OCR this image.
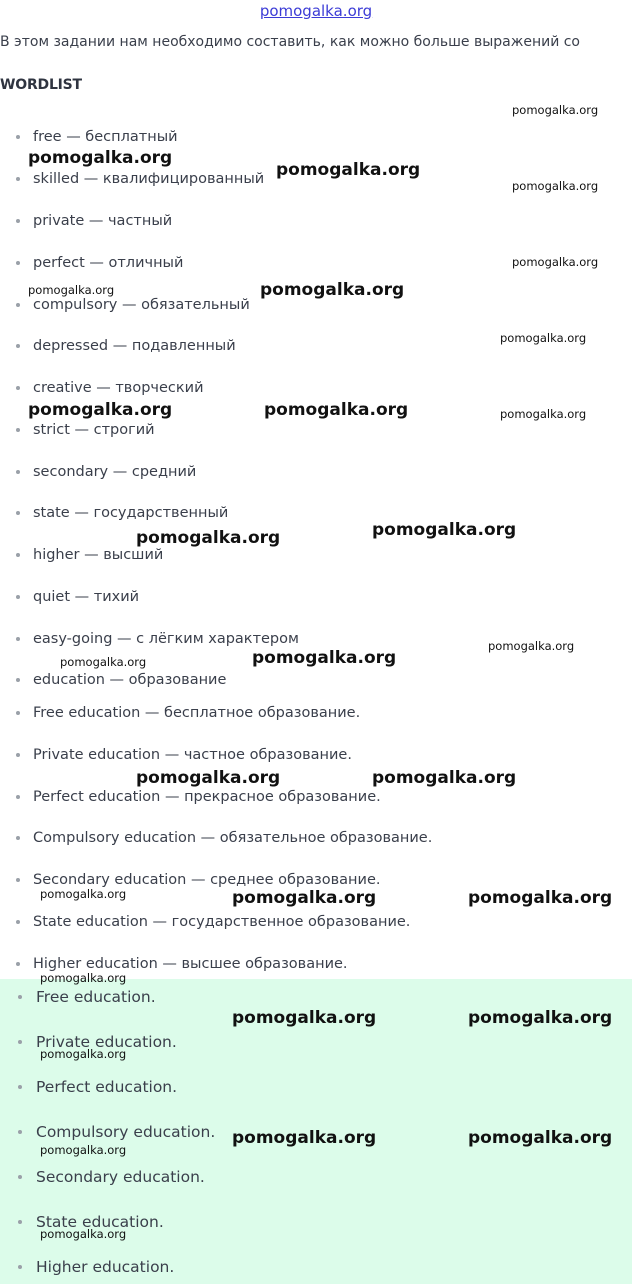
pomogalka.org
В этом задании нам необходимо составить, как можно больше выражений со
WORDLIST
free — бесплатный
skilled — квалифицированный
private — частный
perfect — отличный
compulsory — обязательный
depressed — подавленный
creative — творческий
strict — строгий
secondary — средний
state — государственный
higher — высший
quiet — тихий
easy-going — с лёгким характером
education — образование
Free education — бесплатное образование.
Private education — частное образование.
Perfect education — прекрасное образование.
Compulsory education — обязательное образование.
Secondary education — среднее образование.
State education — государственное образование.
Higher education — высшее образование.
Free education.
Private education.
Perfect education.
Compulsory education.
Secondary education.
State education.
Higher education.
pomogalka.org
pomogalka.org
pomogalka.org
pomogalka.org
pomogalka.org
pomogalka.org	pomogalka.org
pomogalka.org
pomogalka.org	pomogalka.org	pomogalka.org
pomogalka.org
pomogalka.org
pomogalka.org
pomogalka.org
pomogalka.org
pomogalka.org	pomogalka.org
pomogalka.org	pomogalka.org	pomogalka.org
pomogalka.org
pomogalka.org	pomogalka.org
pomogalka.org
pomogalka.org	pomogalka.org
pomogalka.org
pomogalka.org
